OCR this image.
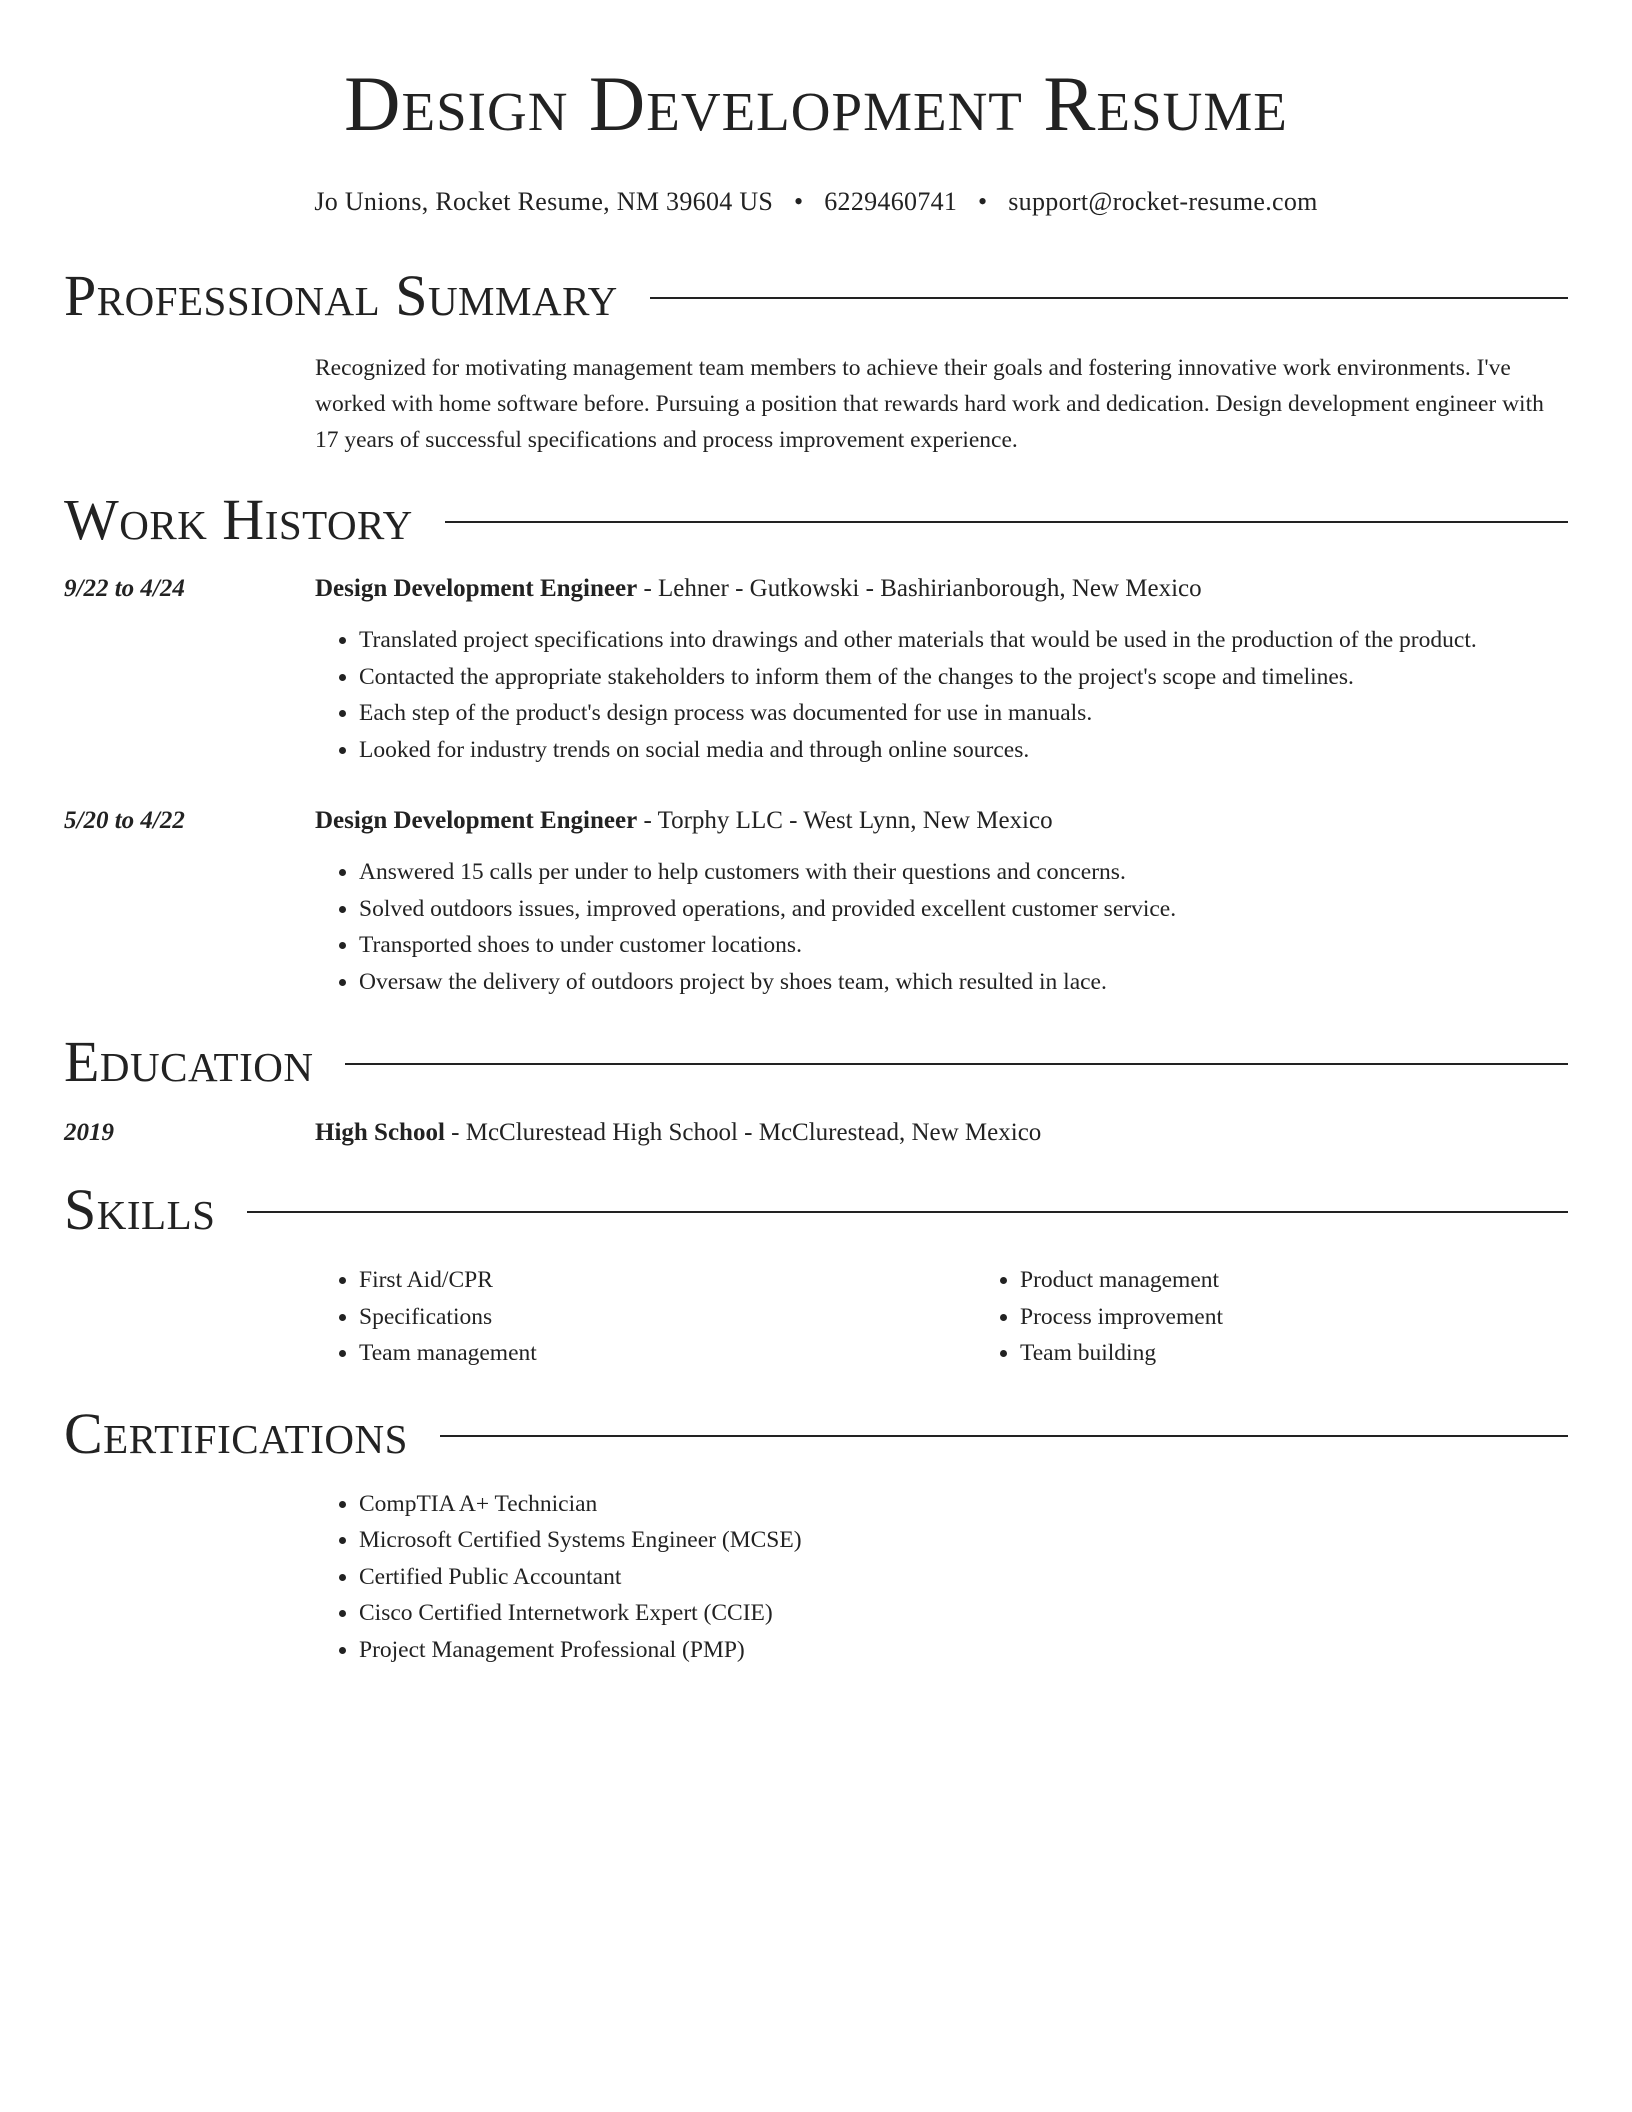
Design Development Resume
Jo Unions, Rocket Resume, NM 39604 US • 6229460741 • support@rocket-resume.com
Professional Summary
Recognized for motivating management team members to achieve their goals and fostering innovative work environments. I've worked with home software before. Pursuing a position that rewards hard work and dedication. Design development engineer with 17 years of successful specifications and process improvement experience.
Work History
9/22 to 4/24	Design Development Engineer - Lehner - Gutkowski - Bashirianborough, New Mexico
• Translated project specifications into drawings and other materials that would be used in the production of the product.
• Contacted the appropriate stakeholders to inform them of the changes to the project's scope and timelines.
• Each step of the product's design process was documented for use in manuals.
• Looked for industry trends on social media and through online sources.
5/20 to 4/22	Design Development Engineer - Torphy LLC - West Lynn, New Mexico
• Answered 15 calls per under to help customers with their questions and concerns.
• Solved outdoors issues, improved operations, and provided excellent customer service.
• Transported shoes to under customer locations.
• Oversaw the delivery of outdoors project by shoes team, which resulted in lace.
Education
2019	High School - McClurestead High School - McClurestead, New Mexico
Skills
• First Aid/CPR
• Specifications
• Team management
• Product management
• Process improvement
• Team building
Certifications
• CompTIA A+ Technician
• Microsoft Certified Systems Engineer (MCSE)
• Certified Public Accountant
• Cisco Certified Internetwork Expert (CCIE)
• Project Management Professional (PMP)
